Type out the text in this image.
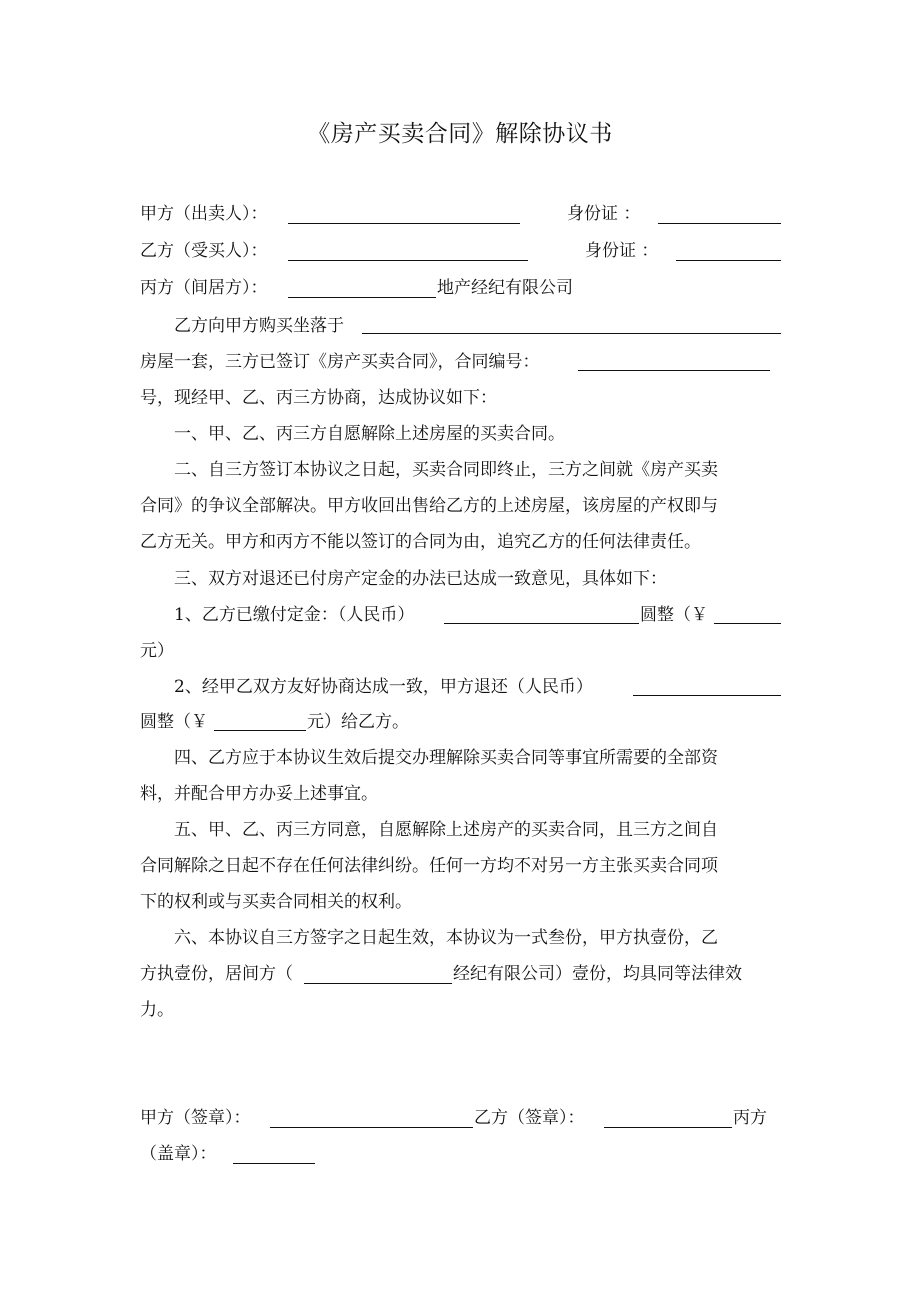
《房产买卖合同》解除协议书
甲方（出卖人）：	身份证 ：
乙方（受买人）：	身份证 ：
丙方（间居方）：	地产经纪有限公司
乙方向甲方购买坐落于
房屋一套，三方已签订《房产买卖合同》，合同编号：
号，现经甲、乙、丙三方协商，达成协议如下：
一、甲、乙、丙三方自愿解除上述房屋的买卖合同。
二、自三方签订本协议之日起，买卖合同即终止，三方之间就《房产买卖
合同》的争议全部解决。甲方收回出售给乙方的上述房屋，该房屋的产权即与
乙方无关。甲方和丙方不能以签订的合同为由，追究乙方的任何法律责任。
三、双方对退还已付房产定金的办法已达成一致意见，具体如下：
1、乙方已缴付定金：（人民币）	圆整（￥
元）
2、经甲乙双方友好协商达成一致，甲方退还（人民币）
圆整（￥	元）给乙方。
四、乙方应于本协议生效后提交办理解除买卖合同等事宜所需要的全部资
料，并配合甲方办妥上述事宜。
五、甲、乙、丙三方同意，自愿解除上述房产的买卖合同，且三方之间自
合同解除之日起不存在任何法律纠纷。任何一方均不对另一方主张买卖合同项
下的权利或与买卖合同相关的权利。
六、本协议自三方签字之日起生效，本协议为一式叁份，甲方执壹份，乙
方执壹份，居间方（	经纪有限公司）壹份，均具同等法律效
力。
甲方（签章）：	乙方（签章）：	丙方
（盖章）：
